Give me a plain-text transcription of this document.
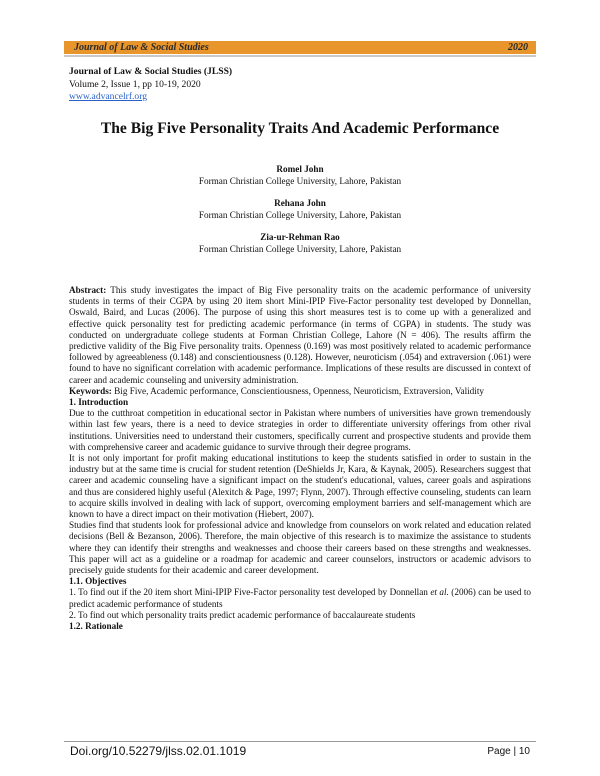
Journal of Law & Social Studies	2020
Journal of Law & Social Studies (JLSS)
Volume 2, Issue 1, pp 10-19, 2020
www.advancelrf.org
The Big Five Personality Traits And Academic Performance
Romel John
Forman Christian College University, Lahore, Pakistan
Rehana John
Forman Christian College University, Lahore, Pakistan
Zia-ur-Rehman Rao
Forman Christian College University, Lahore, Pakistan

Abstract: This study investigates the impact of Big Five personality traits on the academic performance of university students in terms of their CGPA by using 20 item short Mini-IPIP Five-Factor personality test developed by Donnellan, Oswald, Baird, and Lucas (2006). The purpose of using this short measures test is to come up with a generalized and effective quick personality test for predicting academic performance (in terms of CGPA) in students. The study was conducted on undergraduate college students at Forman Christian College, Lahore (N = 406). The results affirm the predictive validity of the Big Five personality traits. Openness (0.169) was most positively related to academic performance followed by agreeableness (0.148) and conscientiousness (0.128). However, neuroticism (.054) and extraversion (.061) were found to have no significant correlation with academic performance. Implications of these results are discussed in context of career and academic counseling and university administration.

Keywords: Big Five, Academic performance, Conscientiousness, Openness, Neuroticism, Extraversion, Validity

1. Introduction

Due to the cutthroat competition in educational sector in Pakistan where numbers of universities have grown tremendously within last few years, there is a need to device strategies in order to differentiate university offerings from other rival institutions. Universities need to understand their customers, specifically current and prospective students and provide them with comprehensive career and academic guidance to survive through their degree programs.

It is not only important for profit making educational institutions to keep the students satisfied in order to sustain in the industry but at the same time is crucial for student retention (DeShields Jr, Kara, & Kaynak, 2005). Researchers suggest that career and academic counseling have a significant impact on the student's educational, values, career goals and aspirations and thus are considered highly useful (Alexitch & Page, 1997; Flynn, 2007). Through effective counseling, students can learn to acquire skills involved in dealing with lack of support, overcoming employment barriers and self-management which are known to have a direct impact on their motivation (Hiebert, 2007).

Studies find that students look for professional advice and knowledge from counselors on work related and education related decisions (Bell & Bezanson, 2006). Therefore, the main objective of this research is to maximize the assistance to students where they can identify their strengths and weaknesses and choose their careers based on these strengths and weaknesses. This paper will act as a guideline or a roadmap for academic and career counselors, instructors or academic advisors to precisely guide students for their academic and career development.

1.1. Objectives

1. To find out if the 20 item short Mini-IPIP Five-Factor personality test developed by Donnellan et al. (2006) can be used to predict academic performance of students

2. To find out which personality traits predict academic performance of baccalaureate students

1.2. Rationale

Doi.org/10.52279/jlss.02.01.1019	Page | 10
